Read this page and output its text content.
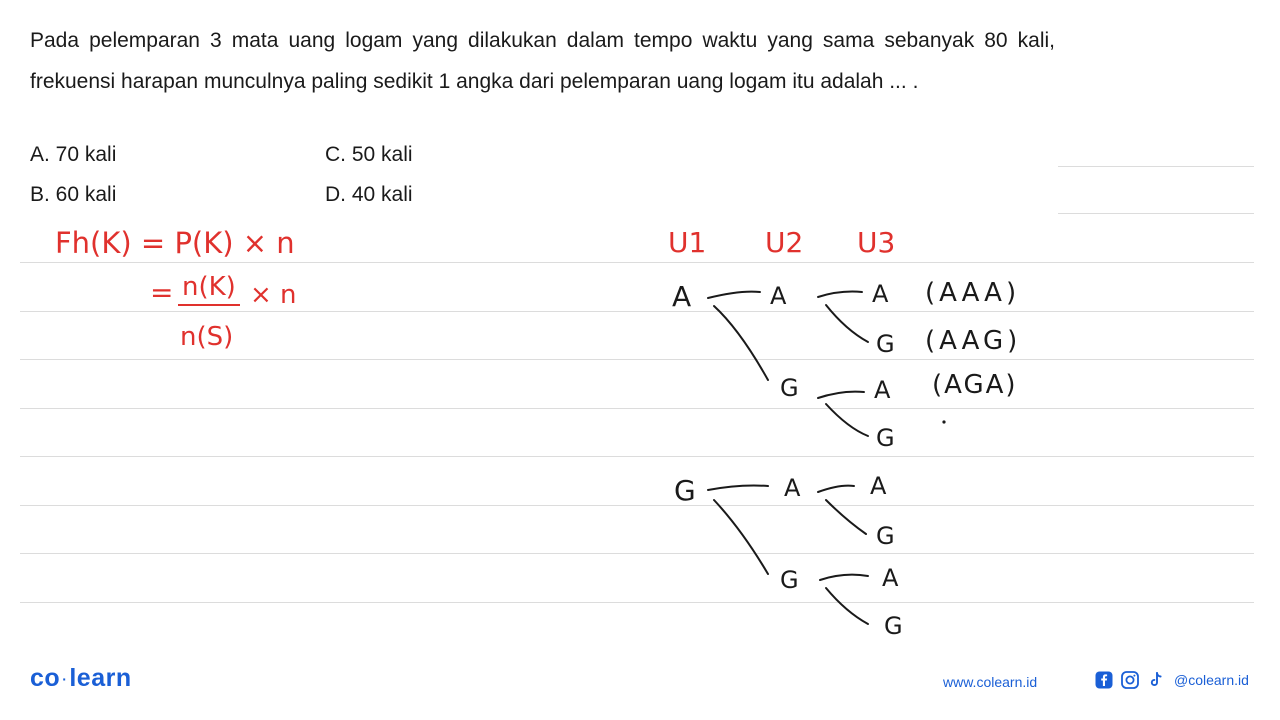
Pada pelemparan 3 mata uang logam yang dilakukan dalam tempo waktu yang sama sebanyak 80 kali, frekuensi harapan munculnya paling sedikit 1 angka dari pelemparan uang logam itu adalah ... .
A. 70 kali	C. 50 kali
B. 60 kali	D. 40 kali
Fh(K) = P(K) × n
= n(K) × n
n(S)
U1 U2 U3
A
G
A
G
A
G
A
G
A
G
A
G
A
G
(AAA)
(AAG)
(AGA)
co ·learn	www.colearn.id	@colearn.id
